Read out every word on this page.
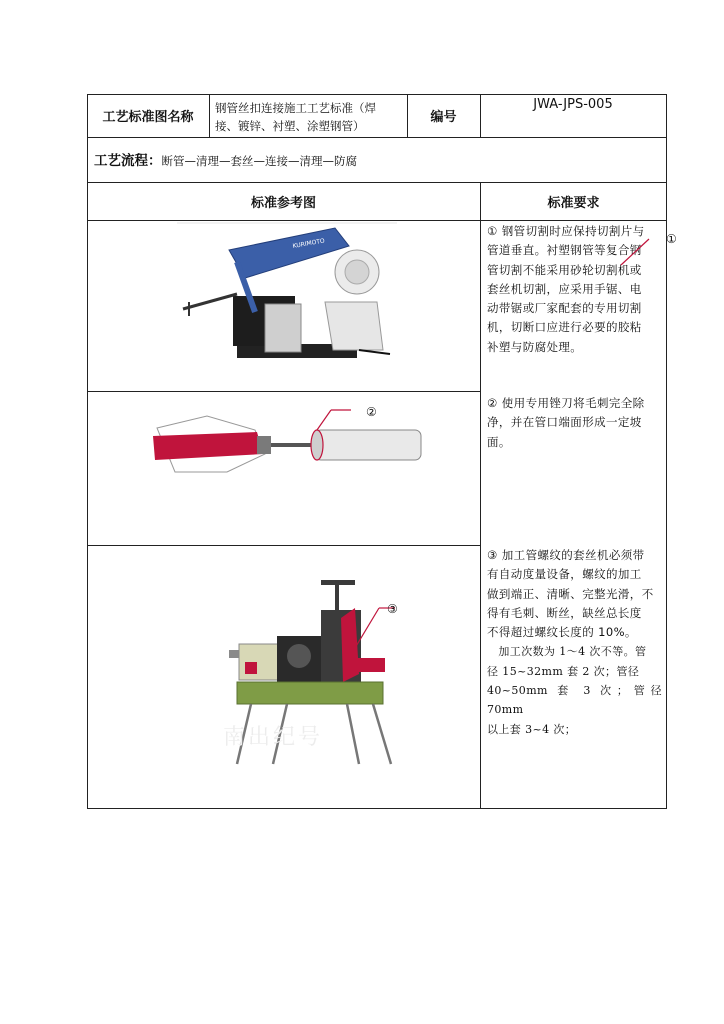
工艺标准图名称
钢管丝扣连接施工工艺标准（焊
接、镀锌、衬塑、涂塑钢管）
编号
JWA-JPS-005
工艺流程：断管—清理—套丝—连接—清理—防腐
标准参考图	标准要求
KURIMOTO
②
③
南出纪号
① 钢管切割时应保持切割片与
管道垂直。衬塑钢管等复合钢
管切割不能采用砂轮切割机或
套丝机切割，应采用手锯、电
动带锯或厂家配套的专用切割
机，切断口应进行必要的胶粘
补塑与防腐处理。
①
② 使用专用锉刀将毛刺完全除
净，并在管口端面形成一定坡
面。
③ 加工管螺纹的套丝机必须带
有自动度量设备，螺纹的加工
做到端正、清晰、完整光滑，不
得有毛刺、断丝，缺丝总长度
不得超过螺纹长度的 10%。
　加工次数为 1～4 次不等。管
径 15~32mm 套 2 次；管径
40~50mm 套 3 次；管径 70mm
以上套 3~4 次；
